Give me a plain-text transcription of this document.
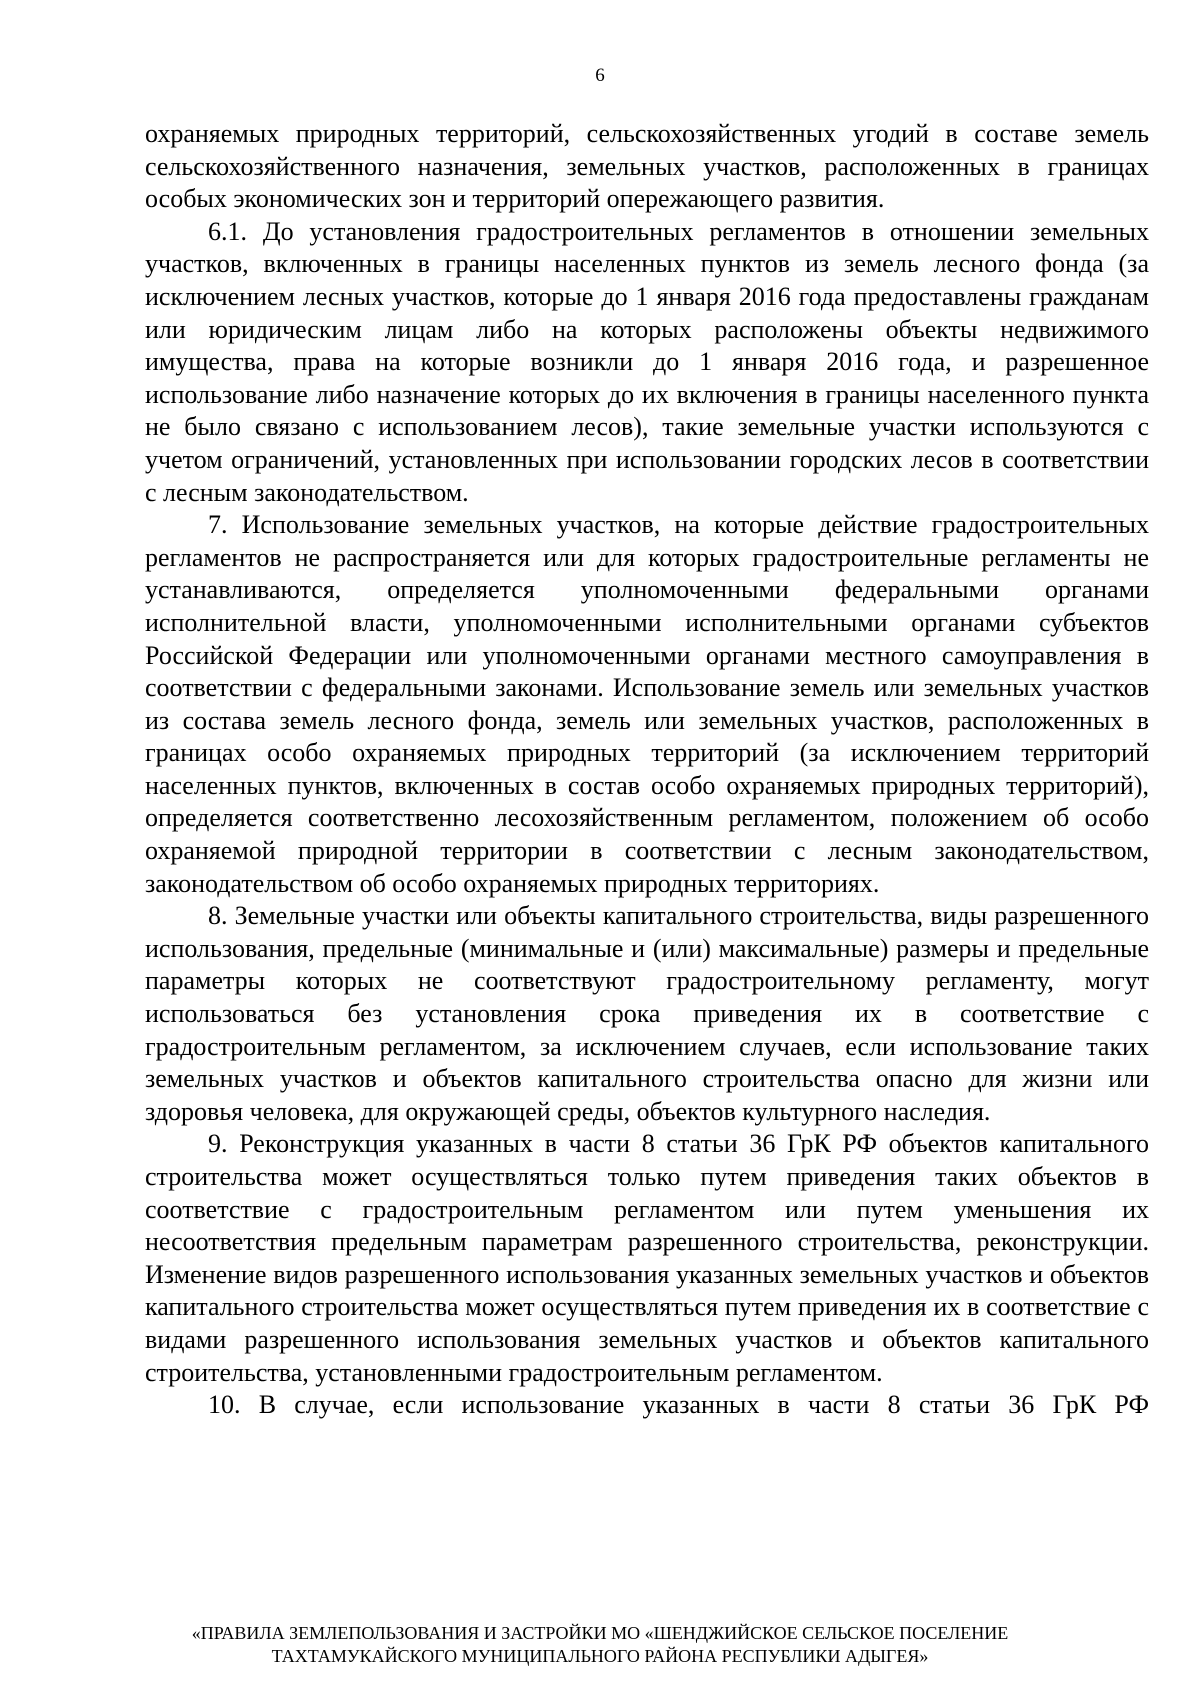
6

охраняемых природных территорий, сельскохозяйственных угодий в составе земель сельскохозяйственного назначения, земельных участков, расположенных в границах особых экономических зон и территорий опережающего развития.

6.1. До установления градостроительных регламентов в отношении земельных участков, включенных в границы населенных пунктов из земель лесного фонда (за исключением лесных участков, которые до 1 января 2016 года предоставлены гражданам или юридическим лицам либо на которых расположены объекты недвижимого имущества, права на которые возникли до 1 января 2016 года, и разрешенное использование либо назначение которых до их включения в границы населенного пункта не было связано с использованием лесов), такие земельные участки используются с учетом ограничений, установленных при использовании городских лесов в соответствии с лесным законодательством.

7. Использование земельных участков, на которые действие градостроительных регламентов не распространяется или для которых градостроительные регламенты не устанавливаются, определяется уполномоченными федеральными органами исполнительной власти, уполномоченными исполнительными органами субъектов Российской Федерации или уполномоченными органами местного самоуправления в соответствии с федеральными законами. Использование земель или земельных участков из состава земель лесного фонда, земель или земельных участков, расположенных в границах особо охраняемых природных территорий (за исключением территорий населенных пунктов, включенных в состав особо охраняемых природных территорий), определяется соответственно лесохозяйственным регламентом, положением об особо охраняемой природной территории в соответствии с лесным законодательством, законодательством об особо охраняемых природных территориях.

8. Земельные участки или объекты капитального строительства, виды разрешенного использования, предельные (минимальные и (или) максимальные) размеры и предельные параметры которых не соответствуют градостроительному регламенту, могут использоваться без установления срока приведения их в соответствие с градостроительным регламентом, за исключением случаев, если использование таких земельных участков и объектов капитального строительства опасно для жизни или здоровья человека, для окружающей среды, объектов культурного наследия.

9. Реконструкция указанных в части 8 статьи 36 ГрК РФ объектов капитального строительства может осуществляться только путем приведения таких объектов в соответствие с градостроительным регламентом или путем уменьшения их несоответствия предельным параметрам разрешенного строительства, реконструкции. Изменение видов разрешенного использования указанных земельных участков и объектов капитального строительства может осуществляться путем приведения их в соответствие с видами разрешенного использования земельных участков и объектов капитального строительства, установленными градостроительным регламентом.

10. В случае, если использование указанных в части 8 статьи 36 ГрК РФ

«ПРАВИЛА ЗЕМЛЕПОЛЬЗОВАНИЯ И ЗАСТРОЙКИ МО «ШЕНДЖИЙСКОЕ СЕЛЬСКОЕ ПОСЕЛЕНИЕ
ТАХТАМУКАЙСКОГО МУНИЦИПАЛЬНОГО РАЙОНА РЕСПУБЛИКИ АДЫГЕЯ»
